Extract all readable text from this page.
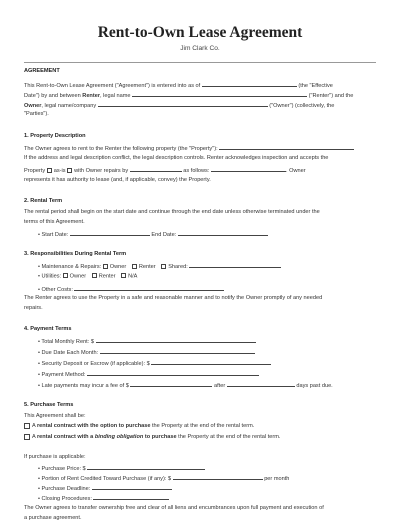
Rent-to-Own Lease Agreement
Jim Clark Co.
AGREEMENT
This Rent-to-Own Lease Agreement ("Agreement") is entered into as of	(the "Effective
Date") by and between Renter, legal name	("Renter") and the
Owner, legal name/company	("Owner") (collectively, the
"Parties").
1. Property Description
The Owner agrees to rent to the Renter the following property (the "Property"):
If the address and legal description conflict, the legal description controls. Renter acknowledges inspection and accepts the
Property as-is with Owner repairs by	as follows:	. Owner
represents it has authority to lease (and, if applicable, convey) the Property.
2. Rental Term
The rental period shall begin on the start date and continue through the end date unless otherwise terminated under the
terms of this Agreement.
• Start Date:	End Date:
3. Responsibilities During Rental Term
• Maintenance & Repairs: Owner Renter Shared:
• Utilities: Owner Renter N/A
• Other Costs:
The Renter agrees to use the Property in a safe and reasonable manner and to notify the Owner promptly of any needed
repairs.
4. Payment Terms
• Total Monthly Rent: $
• Due Date Each Month:
• Security Deposit or Escrow (if applicable): $
• Payment Method:
• Late payments may incur a fee of $	after	days past due.
5. Purchase Terms
This Agreement shall be:
A rental contract with the option to purchase the Property at the end of the rental term.
A rental contract with a binding obligation to purchase the Property at the end of the rental term.
If purchase is applicable:
• Purchase Price: $
• Portion of Rent Credited Toward Purchase (if any): $	per month
• Purchase Deadline:
• Closing Procedures:
The Owner agrees to transfer ownership free and clear of all liens and encumbrances upon full payment and execution of
a purchase agreement.
